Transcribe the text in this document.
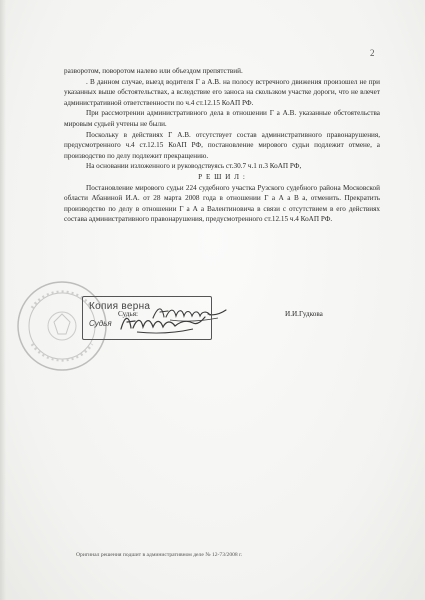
2

разворотом, поворотом налево или объездом препятствий.

. В данном случае, выезд водителя Г а А.В. на полосу встречного движения произошел не при указанных выше обстоятельствах, а вследствие его заноса на скользком участке дороги, что не влечет административной ответственности по ч.4 ст.12.15 КоАП РФ.

При рассмотрении административного дела в отношении Г а А.В. указанные обстоятельства мировым судьей учтены не были.

Поскольку в действиях Г А.В. отсутствует состав административного правонарушения, предусмотренного ч.4 ст.12.15 КоАП РФ, постановление мирового судьи подлежит отмене, а производство по делу подлежит прекращению.

На основании изложенного и руководствуясь ст.30.7 ч.1 п.3 КоАП РФ,

Р Е Ш И Л :

Постановление мирового судьи 224 судебного участка Рузского судебного района Московской области Абаниной И.А. от 28 марта 2008 года в отношении Г а А а В а, отменить. Прекратить производство по делу в отношении Г а А а Валентиновича в связи с отсутствием в его действиях состава административного правонарушения, предусмотренного ст.12.15 ч.4 КоАП РФ.

Судья:	И.И.Гудкова
Копия верна
Судья
Оригинал решения подшит в административном деле № 12-73/2008 г.
